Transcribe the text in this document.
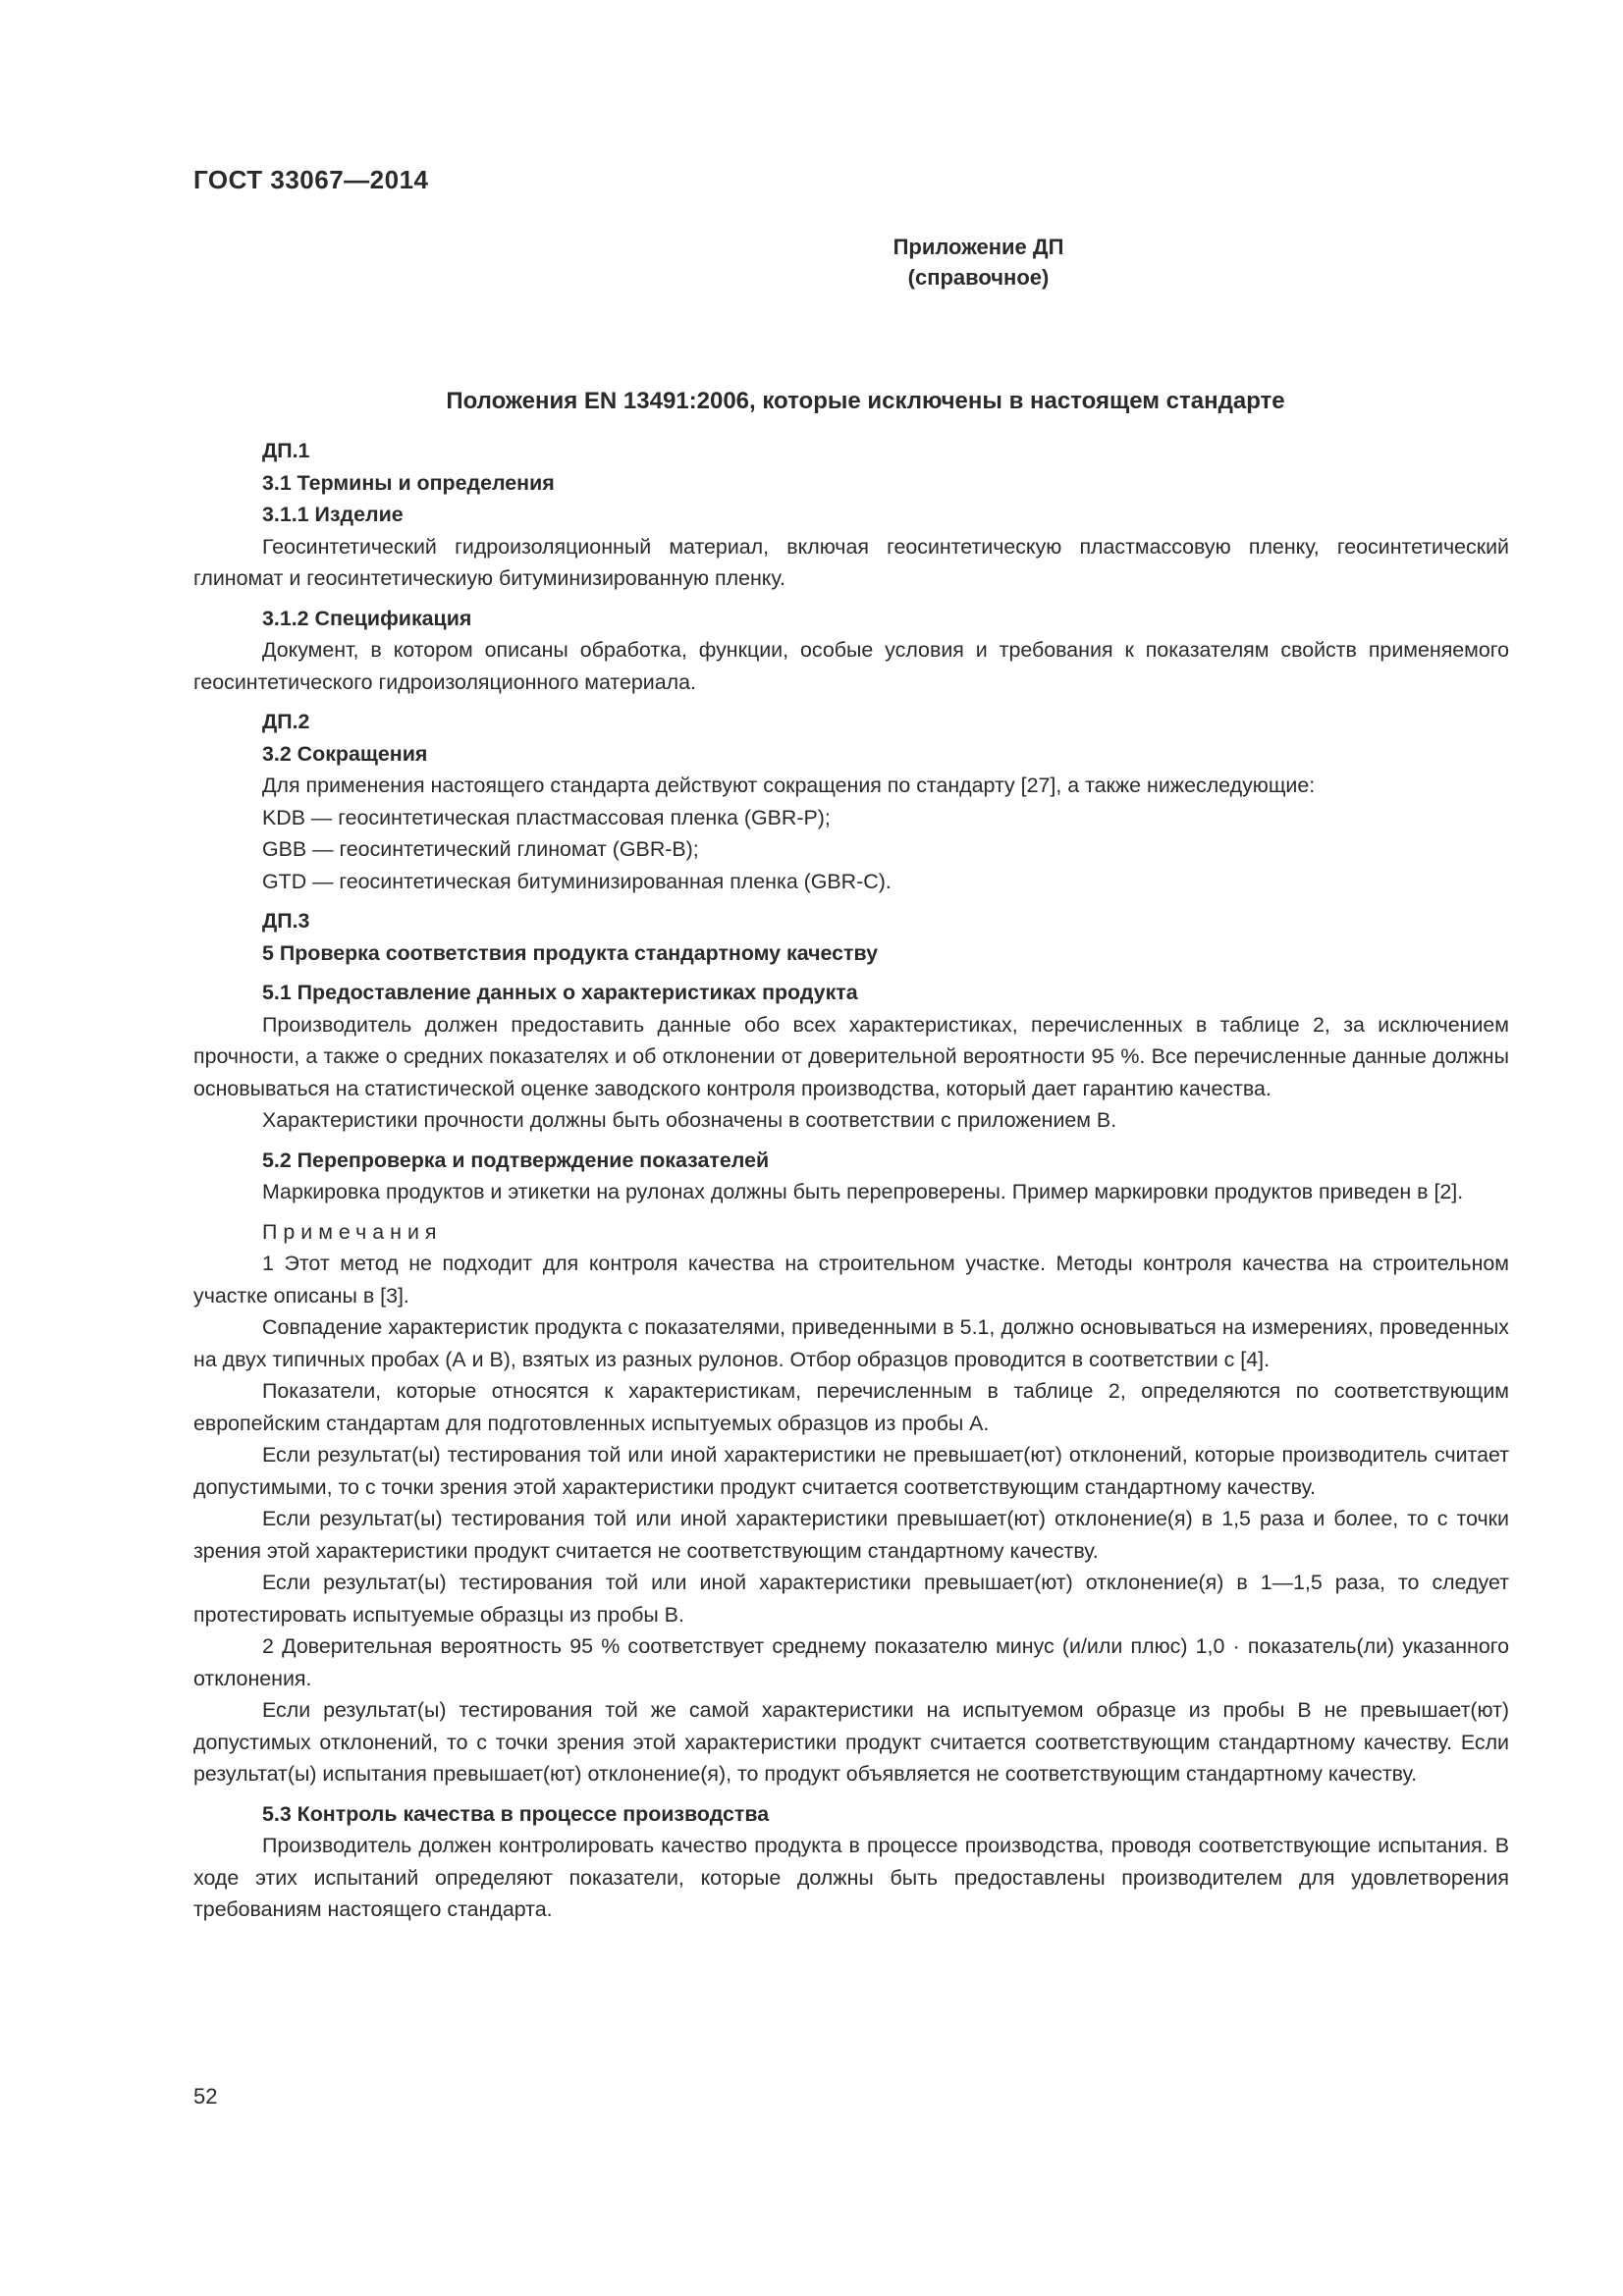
ГОСТ 33067—2014
Приложение ДП
(справочное)
Положения EN 13491:2006, которые исключены в настоящем стандарте

ДП.1

3.1 Термины и определения

3.1.1 Изделие

Геосинтетический гидроизоляционный материал, включая геосинтетическую пластмассовую пленку, геосинтетический глиномат и геосинтетическиую битуминизированную пленку.

3.1.2 Спецификация

Документ, в котором описаны обработка, функции, особые условия и требования к показателям свойств применяемого геосинтетического гидроизоляционного материала.

ДП.2

3.2 Сокращения

Для применения настоящего стандарта действуют сокращения по стандарту [27], а также нижеследующие:

KDB — геосинтетическая пластмассовая пленка (GBR-P);

GBB — геосинтетический глиномат (GBR-B);

GTD — геосинтетическая битуминизированная пленка (GBR-C).

ДП.3

5 Проверка соответствия продукта стандартному качеству

5.1 Предоставление данных о характеристиках продукта

Производитель должен предоставить данные обо всех характеристиках, перечисленных в таблице 2, за исключением прочности, а также о средних показателях и об отклонении от доверительной вероятности 95 %. Все перечисленные данные должны основываться на статистической оценке заводского контроля производства, который дает гарантию качества.

Характеристики прочности должны быть обозначены в соответствии с приложением В.

5.2 Перепроверка и подтверждение показателей

Маркировка продуктов и этикетки на рулонах должны быть перепроверены. Пример маркировки продуктов приведен в [2].

Примечания

1 Этот метод не подходит для контроля качества на строительном участке. Методы контроля качества на строительном участке описаны в [3].

Совпадение характеристик продукта с показателями, приведенными в 5.1, должно основываться на измерениях, проведенных на двух типичных пробах (А и В), взятых из разных рулонов. Отбор образцов проводится в соответствии с [4].

Показатели, которые относятся к характеристикам, перечисленным в таблице 2, определяются по соответствующим европейским стандартам для подготовленных испытуемых образцов из пробы А.

Если результат(ы) тестирования той или иной характеристики не превышает(ют) отклонений, которые производитель считает допустимыми, то с точки зрения этой характеристики продукт считается соответствующим стандартному качеству.

Если результат(ы) тестирования той или иной характеристики превышает(ют) отклонение(я) в 1,5 раза и более, то с точки зрения этой характеристики продукт считается не соответствующим стандартному качеству.

Если результат(ы) тестирования той или иной характеристики превышает(ют) отклонение(я) в 1—1,5 раза, то следует протестировать испытуемые образцы из пробы В.

2 Доверительная вероятность 95 % соответствует среднему показателю минус (и/или плюс) 1,0 · показатель(ли) указанного отклонения.

Если результат(ы) тестирования той же самой характеристики на испытуемом образце из пробы В не превышает(ют) допустимых отклонений, то с точки зрения этой характеристики продукт считается соответствующим стандартному качеству. Если результат(ы) испытания превышает(ют) отклонение(я), то продукт объявляется не соответствующим стандартному качеству.

5.3 Контроль качества в процессе производства

Производитель должен контролировать качество продукта в процессе производства, проводя соответствующие испытания. В ходе этих испытаний определяют показатели, которые должны быть предоставлены производителем для удовлетворения требованиям настоящего стандарта.

52
